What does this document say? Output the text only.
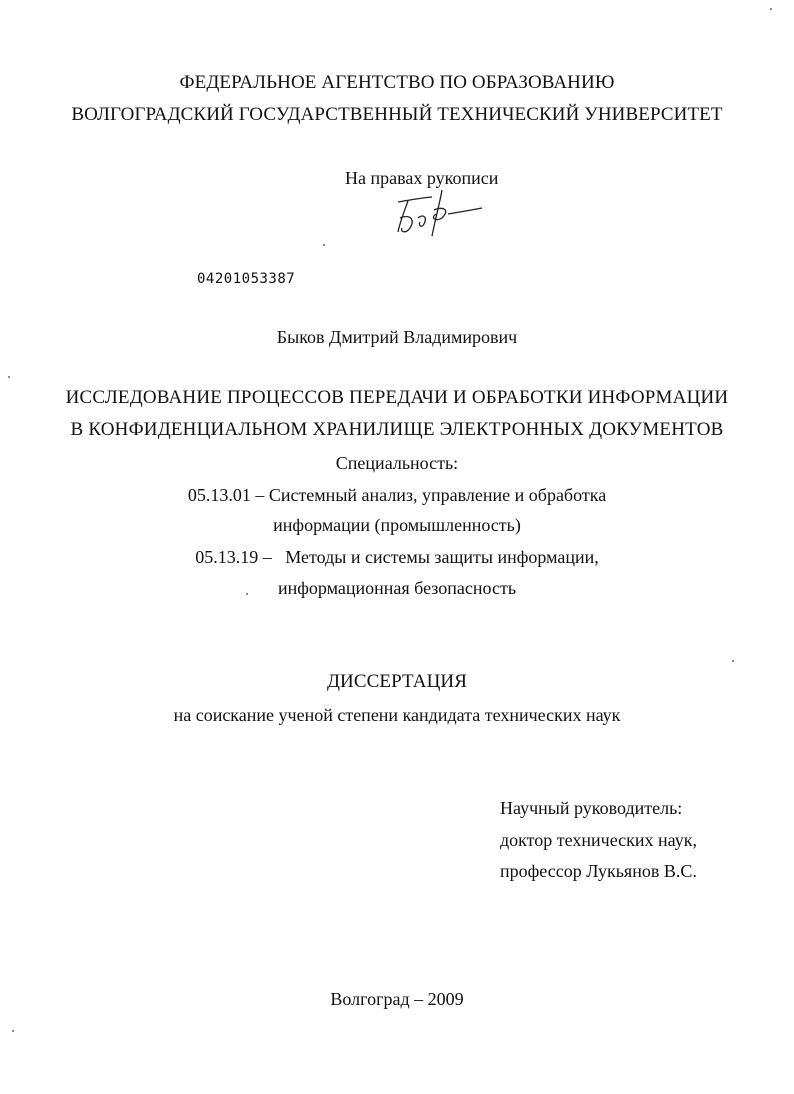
ФЕДЕРАЛЬНОЕ АГЕНТСТВО ПО ОБРАЗОВАНИЮ
ВОЛГОГРАДСКИЙ ГОСУДАРСТВЕННЫЙ ТЕХНИЧЕСКИЙ УНИВЕРСИТЕТ
На правах рукописи
04201053387
Быков Дмитрий Владимирович
ИССЛЕДОВАНИЕ ПРОЦЕССОВ ПЕРЕДАЧИ И ОБРАБОТКИ ИНФОРМАЦИИ
В КОНФИДЕНЦИАЛЬНОМ ХРАНИЛИЩЕ ЭЛЕКТРОННЫХ ДОКУМЕНТОВ
Специальность:
05.13.01 – Системный анализ, управление и обработка
информации (промышленность)
05.13.19 –   Методы и системы защиты информации,
информационная безопасность
ДИССЕРТАЦИЯ
на соискание ученой степени кандидата технических наук
Научный руководитель:
доктор технических наук,
профессор Лукьянов В.С.
Волгоград – 2009
